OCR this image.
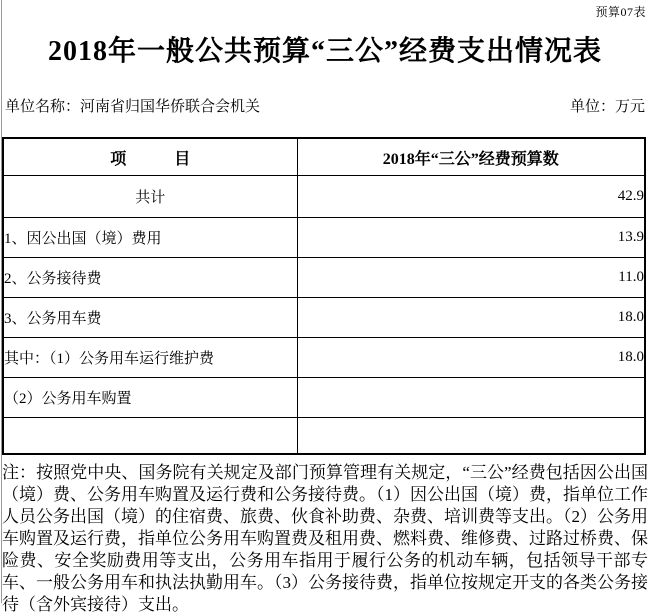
预算07表
2018年一般公共预算“三公”经费支出情况表
单位名称：河南省归国华侨联合会机关	单位：万元
项　　　目	2018年“三公”经费预算数
共计	42.9
1、因公出国（境）费用	13.9
2、公务接待费	11.0
3、公务用车费	18.0
其中：（1）公务用车运行维护费	18.0
（2）公务用车购置	

注：按照党中央、国务院有关规定及部门预算管理有关规定，“三公”经费包括因公出国（境）费、公务用车购置及运行费和公务接待费。（1）因公出国（境）费，指单位工作人员公务出国（境）的住宿费、旅费、伙食补助费、杂费、培训费等支出。（2）公务用车购置及运行费，指单位公务用车购置费及租用费、燃料费、维修费、过路过桥费、保险费、安全奖励费用等支出，公务用车指用于履行公务的机动车辆，包括领导干部专车、一般公务用车和执法执勤用车。（3）公务接待费，指单位按规定开支的各类公务接待（含外宾接待）支出。
